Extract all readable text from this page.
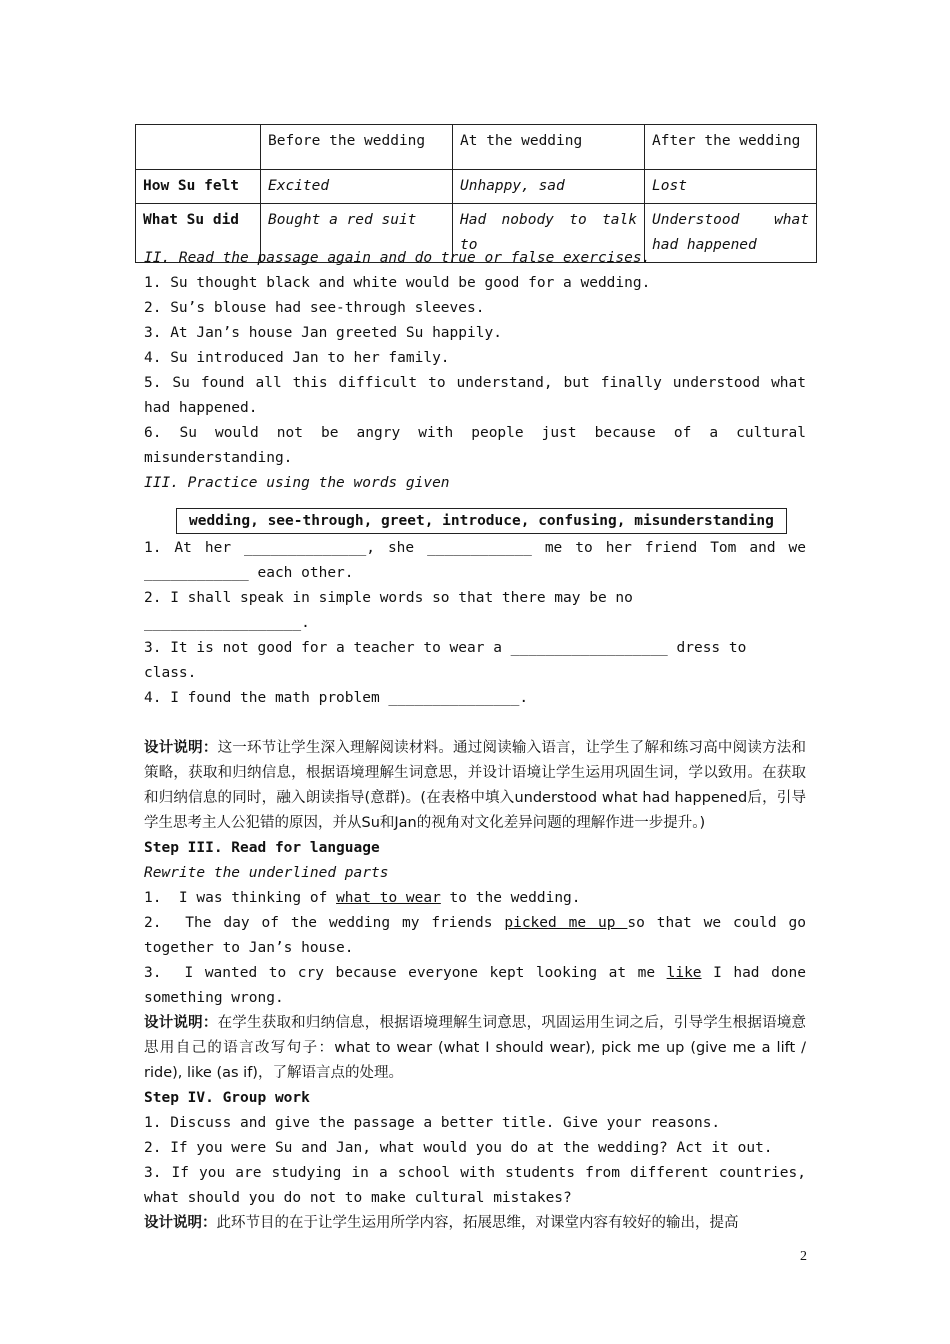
	Before the wedding	At the wedding	After the wedding
How Su felt	Excited	Unhappy, sad	Lost
What Su did	Bought a red suit	Had nobody to talk to	Understood what had happened
II. Read the passage again and do true or false exercises.
1. Su thought black and white would be good for a wedding.
2. Su’s blouse had see-through sleeves.
3. At Jan’s house Jan greeted Su happily.
4. Su introduced Jan to her family.
5. Su found all this difficult to understand, but finally understood what had happened.
6. Su would not be angry with people just because of a cultural misunderstanding.
III. Practice using the words given
wedding, see-through, greet, introduce, confusing, misunderstanding
1. At her ______________, she ____________ me to her friend Tom and we ____________ each other.
2. I shall speak in simple words so that there may be no __________________.
3. It is not good for a teacher to wear a __________________ dress to class.
4. I found the math problem _______________.
设计说明：这一环节让学生深入理解阅读材料。通过阅读输入语言，让学生了解和练习高中阅读方法和策略，获取和归纳信息，根据语境理解生词意思，并设计语境让学生运用巩固生词，学以致用。在获取和归纳信息的同时，融入朗读指导(意群)。(在表格中填入understood what had happened后，引导学生思考主人公犯错的原因，并从Su和Jan的视角对文化差异问题的理解作进一步提升。)
Step III. Read for language
Rewrite the underlined parts
1.  I was thinking of what to wear to the wedding.
2.  The day of the wedding my friends picked me up so that we could go together to Jan’s house.
3.  I wanted to cry because everyone kept looking at me like I had done something wrong.
设计说明：在学生获取和归纳信息，根据语境理解生词意思，巩固运用生词之后，引导学生根据语境意思用自己的语言改写句子：what to wear (what I should wear), pick me up (give me a lift / ride), like (as if)，了解语言点的处理。
Step IV. Group work
1. Discuss and give the passage a better title. Give your reasons.
2. If you were Su and Jan, what would you do at the wedding? Act it out.
3. If you are studying in a school with students from different countries, what should you do not to make cultural mistakes?
设计说明：此环节目的在于让学生运用所学内容，拓展思维，对课堂内容有较好的输出，提高
2
